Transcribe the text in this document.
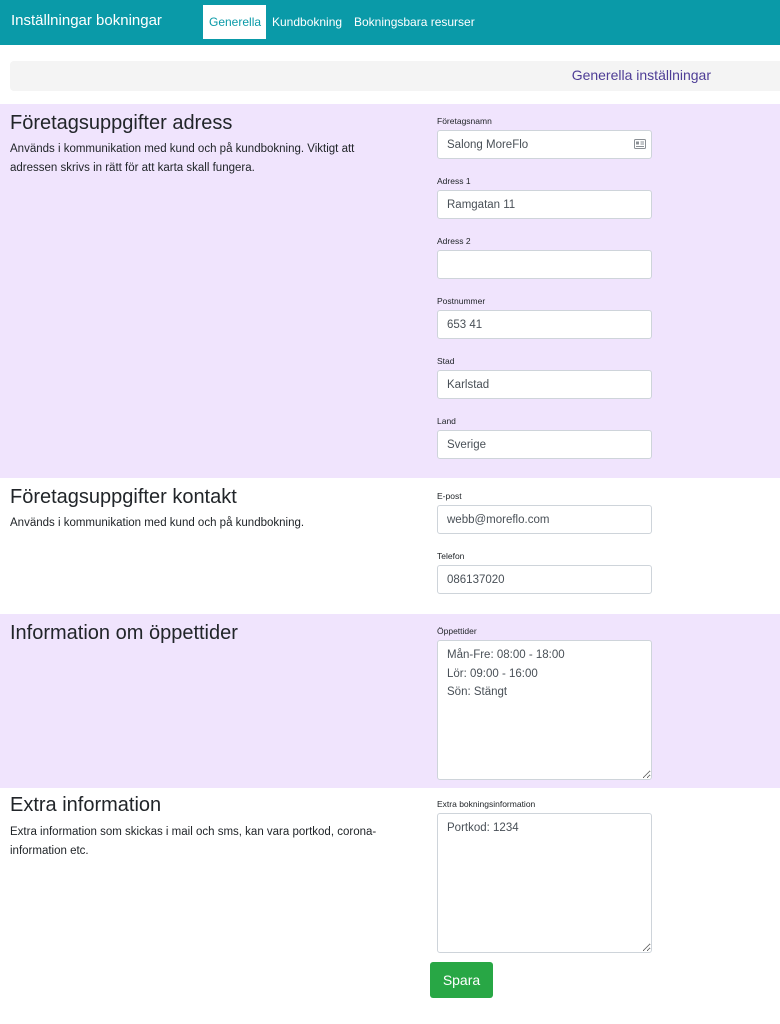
Inställningar bokningar	Generella Kundbokning Bokningsbara resurser
Generella inställningar
Företagsuppgifter adress
Används i kommunikation med kund och på kundbokning. Viktigt att adressen skrivs in rätt för att karta skall fungera.
Företagsnamn
Salong MoreFlo
Adress 1
Ramgatan 11
Adress 2
Postnummer
653 41
Stad
Karlstad
Land
Sverige
Företagsuppgifter kontakt
Används i kommunikation med kund och på kundbokning.
E-post
webb@moreflo.com
Telefon
086137020
Information om öppettider	Öppettider
Mån-Fre: 08:00 - 18:00 Lör: 09:00 - 16:00 Sön: Stängt
Extra information
Extra information som skickas i mail och sms, kan vara portkod, corona-information etc.
Extra bokningsinformation
Portkod: 1234
Spara
